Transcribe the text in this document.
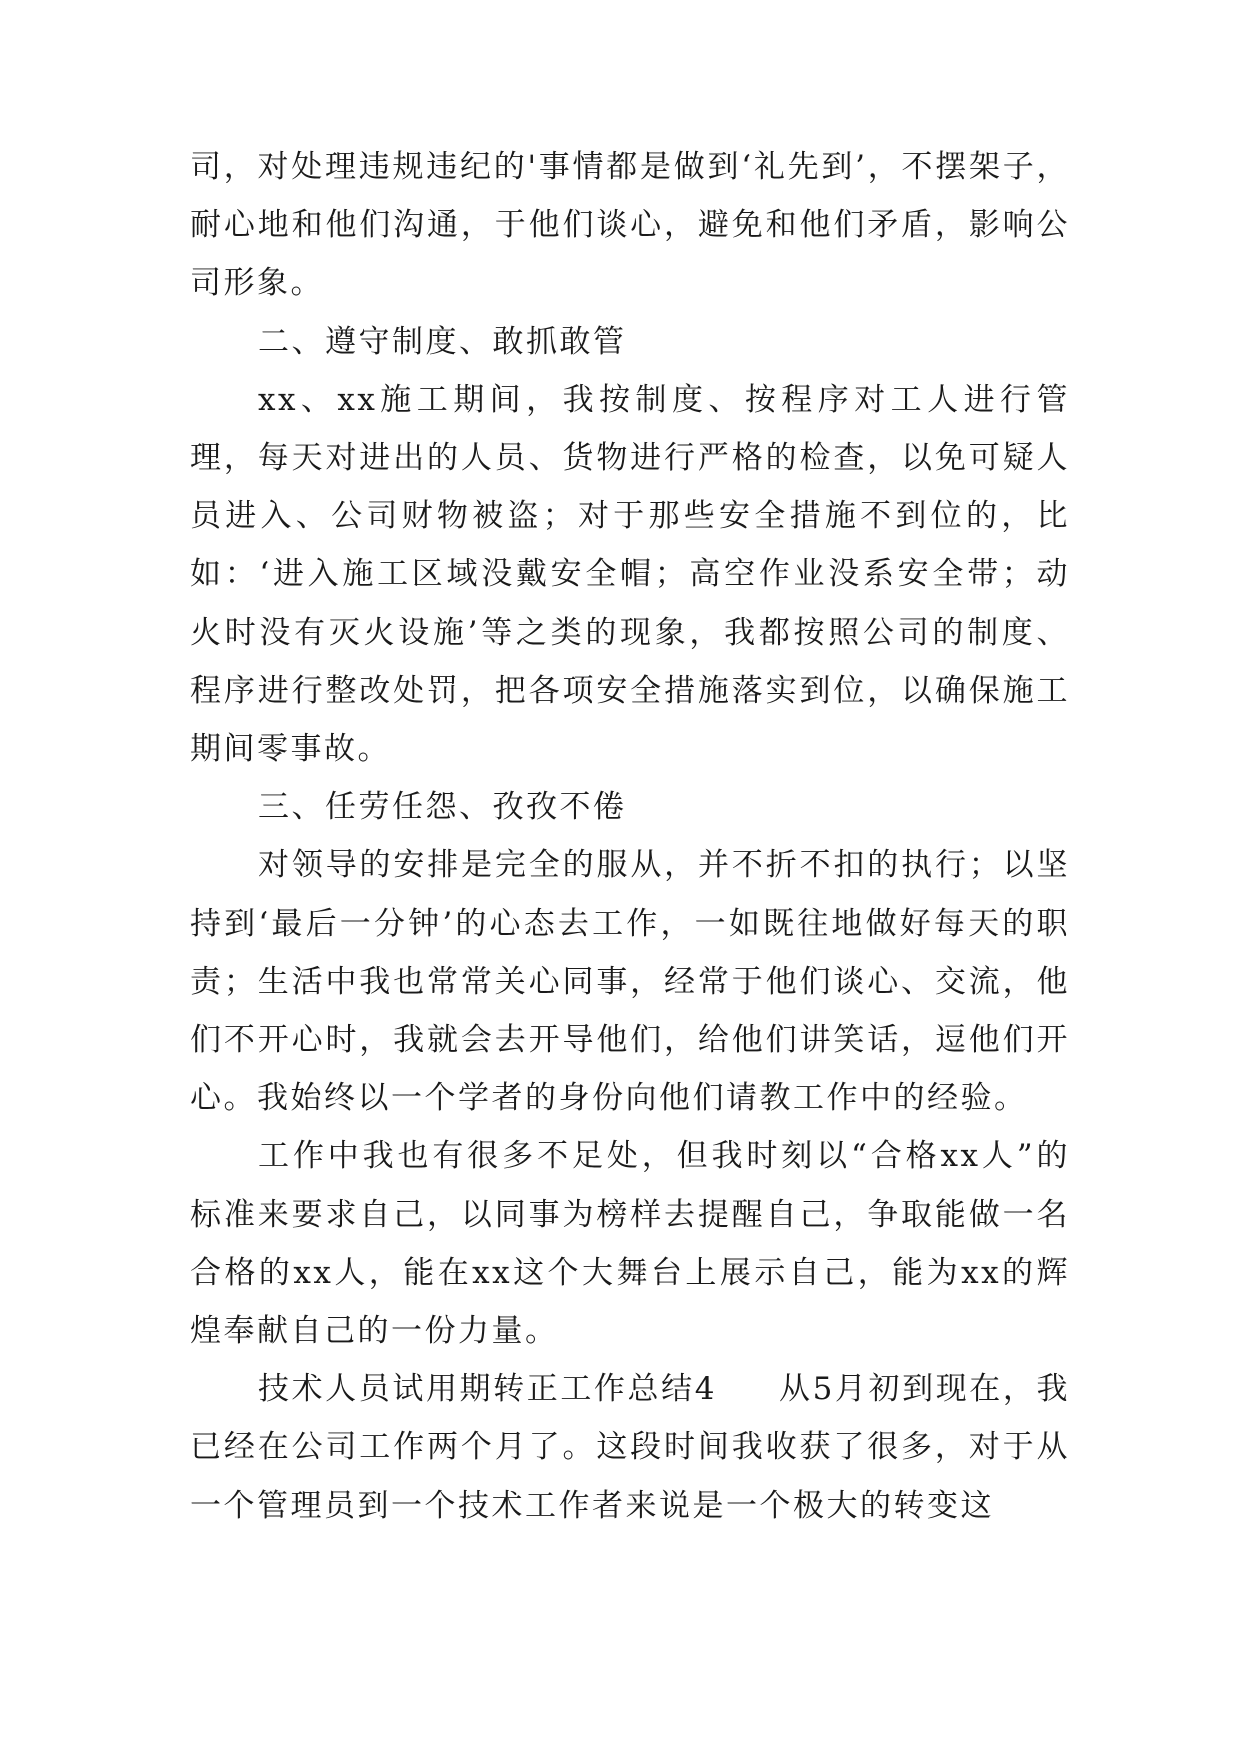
司，对处理违规违纪的'事情都是做到‘礼先到’，不摆架子，耐心地和他们沟通，于他们谈心，避免和他们矛盾，影响公司形象。

二、遵守制度、敢抓敢管

xx、xx施工期间，我按制度、按程序对工人进行管理，每天对进出的人员、货物进行严格的检查，以免可疑人员进入、公司财物被盗；对于那些安全措施不到位的，比如：‘进入施工区域没戴安全帽；高空作业没系安全带；动火时没有灭火设施’等之类的现象，我都按照公司的制度、程序进行整改处罚，把各项安全措施落实到位，以确保施工期间零事故。

三、任劳任怨、孜孜不倦

对领导的安排是完全的服从，并不折不扣的执行；以坚持到‘最后一分钟’的心态去工作，一如既往地做好每天的职责；生活中我也常常关心同事，经常于他们谈心、交流，他们不开心时，我就会去开导他们，给他们讲笑话，逗他们开心。我始终以一个学者的身份向他们请教工作中的经验。

工作中我也有很多不足处，但我时刻以“合格xx人”的标准来要求自己，以同事为榜样去提醒自己，争取能做一名合格的xx人，能在xx这个大舞台上展示自己，能为xx的辉煌奉献自己的一份力量。

技术人员试用期转正工作总结4 从5月初到现在，我已经在公司工作两个月了。这段时间我收获了很多，对于从一个管理员到一个技术工作者来说是一个极大的转变这
